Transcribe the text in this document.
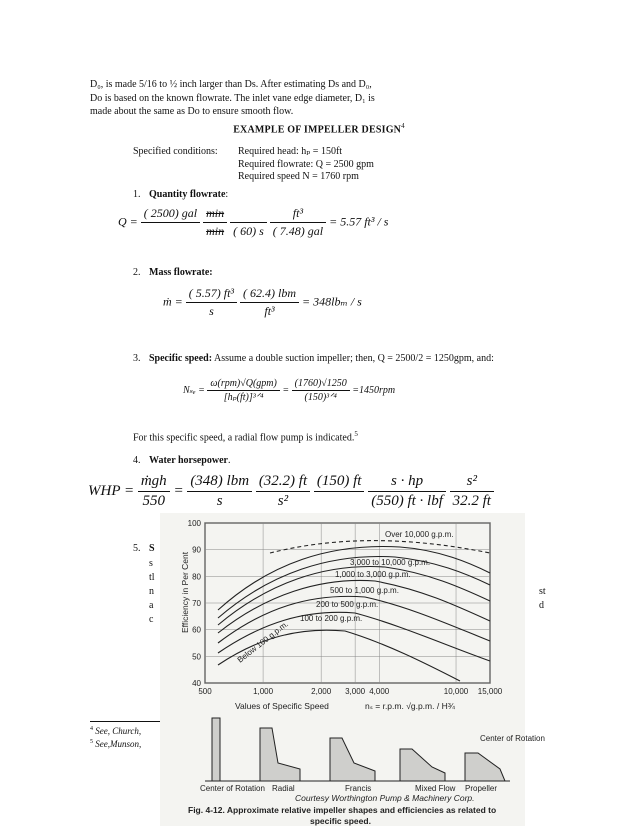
D₀, is made 5/16 to ½ inch larger than Ds. After estimating Ds and D₀,
Do is based on the known flowrate. The inlet vane edge diameter, D₁ is
made about the same as Do to ensure smooth flow.
EXAMPLE OF IMPELLER DESIGN$^4$
Specified conditions: Required head: hₚ = 150ft
Required flowrate: Q = 2500 gpm
Required speed N = 1760 rpm
1. Quantity flowrate:
Q =
( 2500) gal

$\frac{\min}{\min}$

( 60) s
$\frac{\text{ft³}}{\text{( 7.48) gal}} = 5.57$ ft³ / s
2. Mass flowrate:
ṁ = $\frac{\text{( 5.57) ft³}}{s}$
$\frac{\text{( 62.4) lbm}}{\text{ft³}} = 348lb_m / s$
3. Specific speed: Assume a double suction impeller; then, Q = 2500/2 = 1250gpm, and:
$N_{se} = \frac{\text{ω(rpm)√Q(gpm)}}{\text{[hₚ(ft)]³ᐟ⁴}} = \frac{(1760)√1250}{\text{(150)³ᐟ⁴}} =1450rpm$
For this specific speed, a radial flow pump is indicated.$^5$
4. Water horsepower.
WHP = $\frac{\text{ṁgh}}{550} = \frac{\text{(348) lbm}}{s}$
$\frac{(32.2) ft}{\text{s²}}$
(150) ft

$\frac{s \cdot hp}{\text{(550) ft · lbf}}$
$\frac{\text{s²}}{32.2 ft}$
5. S
s
tl
n
a
c
st
d
$^4$ See, Church,
$^5$ See,Munson,
Efficiency in Per Cent
100
90
80
70
60
50
40
500	1,000	2,000 3,000 4,000	10,000 15,000
Values of Specific Speed	nₛ = r.p.m. √g.p.m. / H¾
Over 10,000 g.p.m.
3,000 to 10,000 g.p.m.
1,000 to 3,000 g.p.m.
500 to 1,000 g.p.m.
200 to 500 g.p.m.
100 to 200 g.p.m.
Below 100 g.p.m.
Center of Rotation Radial	Francis	Mixed Flow Propeller
Center of Rotation
Courtesy Worthington Pump & Machinery Corp.
Fig. 4-12. Approximate relative impeller shapes and efficiencies as related to
specific speed.
